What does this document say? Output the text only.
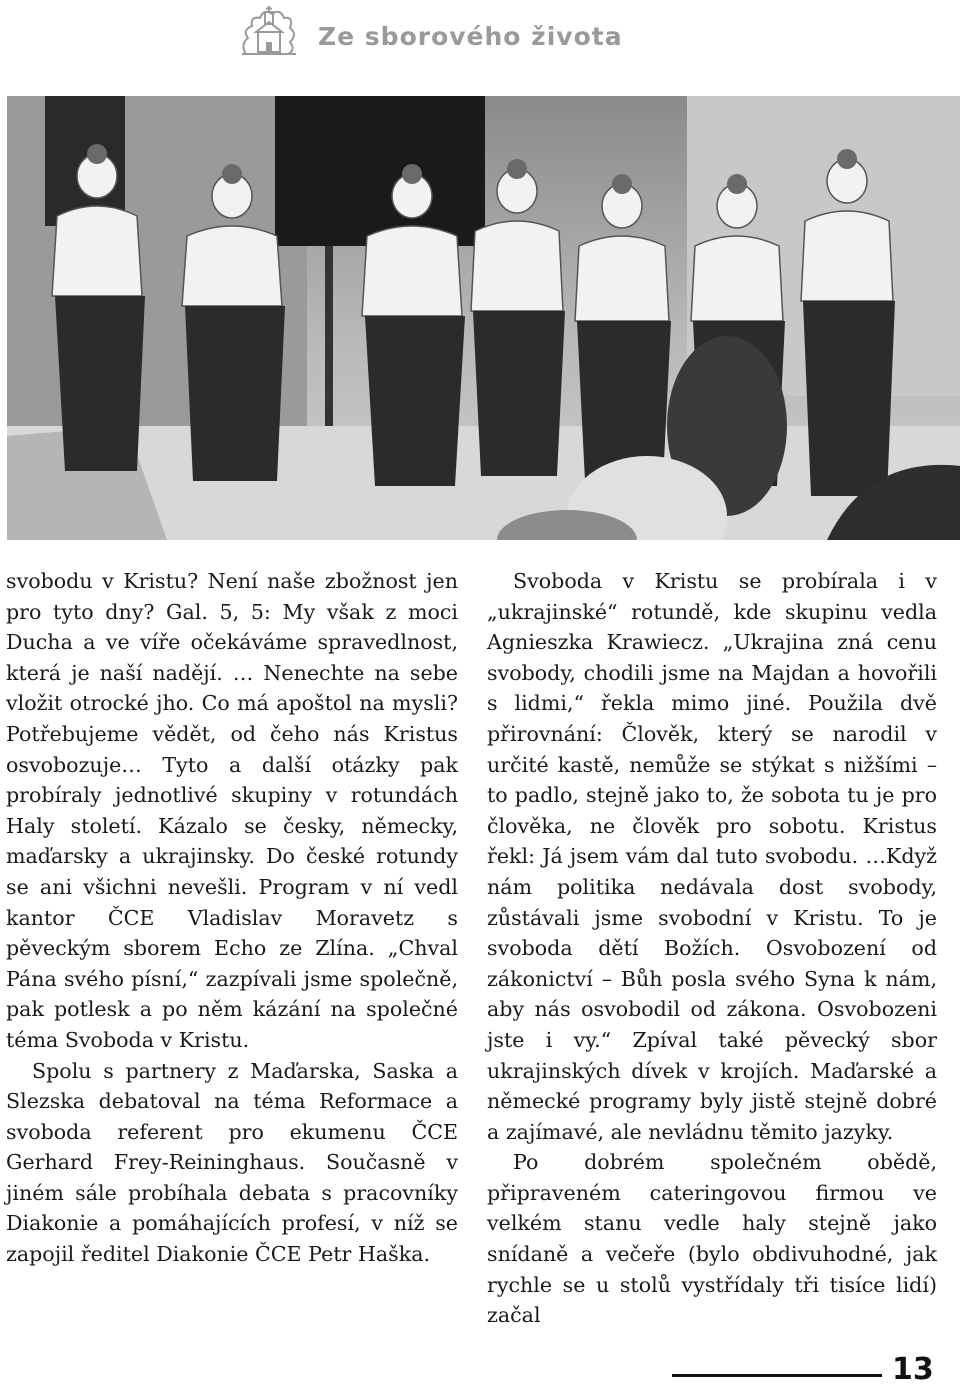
Ze sborového života

svobodu v Kristu? Není naše zbožnost jen pro tyto dny? Gal. 5, 5: My však z moci Ducha a ve víře očekáváme spravedlnost, která je naší nadějí. … Nenechte na sebe vložit otrocké jho. Co má apoštol na mysli? Potřebujeme vědět, od čeho nás Kristus osvobozuje… Tyto a další otázky pak probíraly jednotlivé skupiny v rotundách Haly století. Kázalo se česky, německy, maďarsky a ukrajinsky. Do české rotundy se ani všichni nevešli. Program v ní vedl kantor ČCE Vladislav Moravetz s pěveckým sborem Echo ze Zlína. „Chval Pána svého písní,“ zazpívali jsme společně, pak potlesk a po něm kázání na společné téma Svoboda v Kristu.

Spolu s partnery z Maďarska, Saska a Slezska debatoval na téma Reformace a svoboda referent pro ekumenu ČCE Gerhard Frey-Reininghaus. Současně v jiném sále probíhala debata s pracovníky Diakonie a pomáhajících profesí, v níž se zapojil ředitel Diakonie ČCE Petr Haška.

Svoboda v Kristu se probírala i v „ukrajinské“ rotundě, kde skupinu vedla Agnieszka Krawiecz. „Ukrajina zná cenu svobody, chodili jsme na Majdan a hovořili s lidmi,“ řekla mimo jiné. Použila dvě přirovnání: Člověk, který se narodil v určité kastě, nemůže se stýkat s nižšími – to padlo, stejně jako to, že sobota tu je pro člověka, ne člověk pro sobotu. Kristus řekl: Já jsem vám dal tuto svobodu. …Když nám politika nedávala dost svobody, zůstávali jsme svobodní v Kristu. To je svoboda dětí Božích. Osvobození od zákonictví – Bůh posla svého Syna k nám, aby nás osvobodil od zákona. Osvobozeni jste i vy.“ Zpíval také pěvecký sbor ukrajinských dívek v krojích. Maďarské a německé programy byly jistě stejně dobré a zajímavé, ale nevládnu těmito jazyky.

Po dobrém společném obědě, připraveném cateringovou firmou ve velkém stanu vedle haly stejně jako snídaně a večeře (bylo obdivuhodné, jak rychle se u stolů vystřídaly tři tisíce lidí) začal

13
